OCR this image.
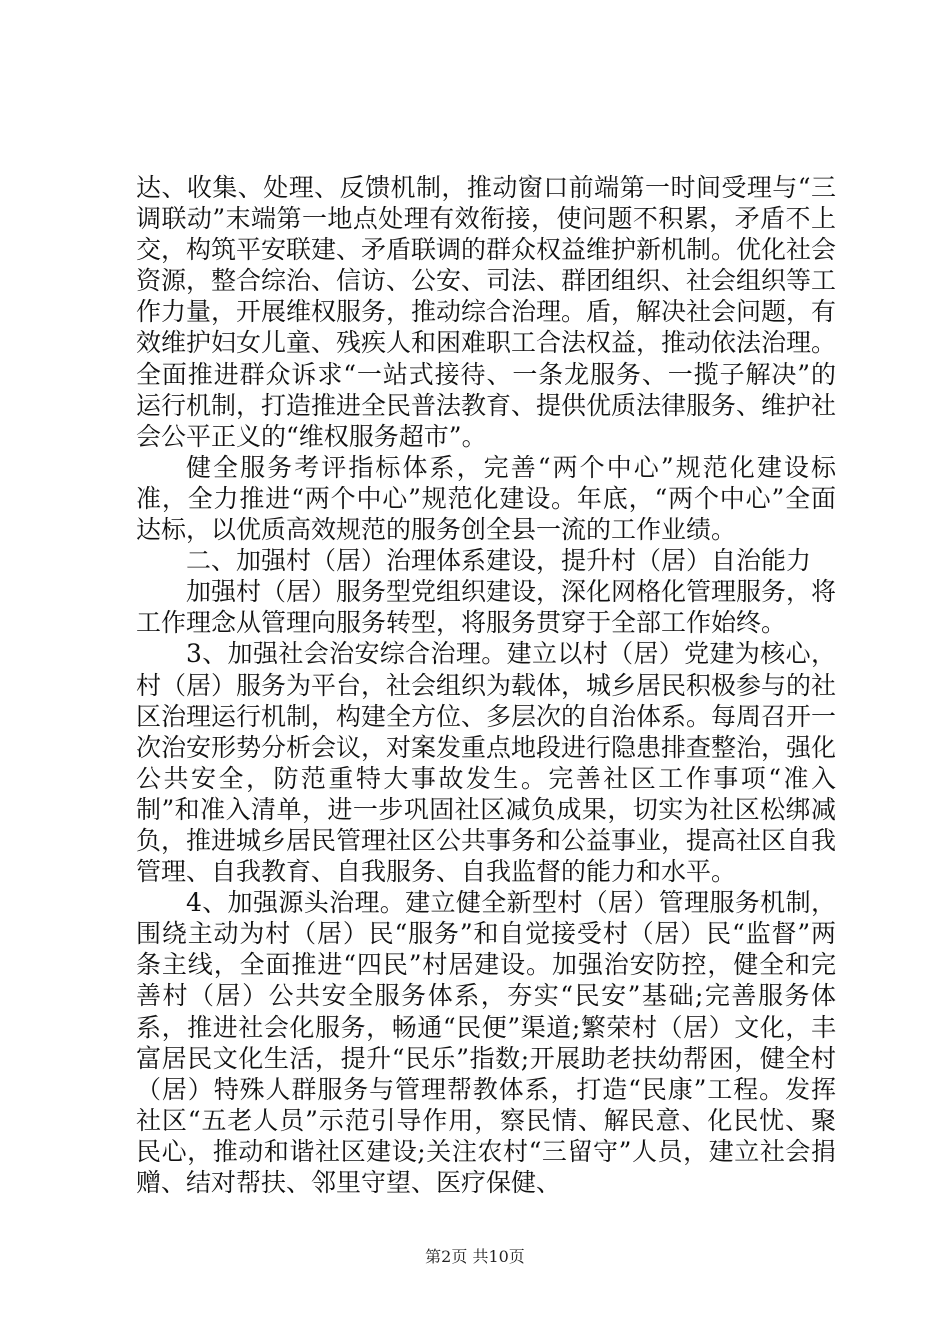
达、收集、处理、反馈机制，推动窗口前端第一时间受理与“三调联动”末端第一地点处理有效衔接，使问题不积累，矛盾不上交，构筑平安联建、矛盾联调的群众权益维护新机制。优化社会资源，整合综治、信访、公安、司法、群团组织、社会组织等工作力量，开展维权服务，推动综合治理。盾，解决社会问题，有效维护妇女儿童、残疾人和困难职工合法权益，推动依法治理。全面推进群众诉求“一站式接待、一条龙服务、一揽子解决”的运行机制，打造推进全民普法教育、提供优质法律服务、维护社会公平正义的“维权服务超市”。

健全服务考评指标体系，完善“两个中心”规范化建设标准，全力推进“两个中心”规范化建设。年底，“两个中心”全面达标，以优质高效规范的服务创全县一流的工作业绩。

二、加强村（居）治理体系建设，提升村（居）自治能力

加强村（居）服务型党组织建设，深化网格化管理服务，将工作理念从管理向服务转型，将服务贯穿于全部工作始终。

3、加强社会治安综合治理。建立以村（居）党建为核心，村（居）服务为平台，社会组织为载体，城乡居民积极参与的社区治理运行机制，构建全方位、多层次的自治体系。每周召开一次治安形势分析会议，对案发重点地段进行隐患排查整治，强化公共安全，防范重特大事故发生。完善社区工作事项“准入制”和准入清单，进一步巩固社区减负成果，切实为社区松绑减负，推进城乡居民管理社区公共事务和公益事业，提高社区自我管理、自我教育、自我服务、自我监督的能力和水平。

4、加强源头治理。建立健全新型村（居）管理服务机制，围绕主动为村（居）民“服务”和自觉接受村（居）民“监督”两条主线，全面推进“四民”村居建设。加强治安防控，健全和完善村（居）公共安全服务体系，夯实“民安”基础;完善服务体系，推进社会化服务，畅通“民便”渠道;繁荣村（居）文化，丰富居民文化生活，提升“民乐”指数;开展助老扶幼帮困，健全村（居）特殊人群服务与管理帮教体系，打造“民康”工程。发挥社区“五老人员”示范引导作用，察民情、解民意、化民忧、聚民心，推动和谐社区建设;关注农村“三留守”人员，建立社会捐赠、结对帮扶、邻里守望、医疗保健、

第2页 共10页
